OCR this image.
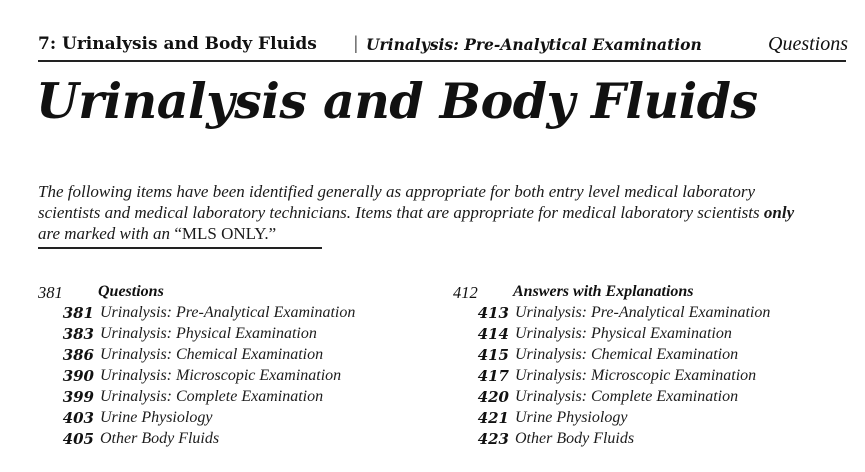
7: Urinalysis and Body Fluids | Urinalysis: Pre-Analytical Examination	Questions
Urinalysis and Body Fluids
The following items have been identified generally as appropriate for both entry level medical laboratory
scientists and medical laboratory technicians. Items that are appropriate for medical laboratory scientists only
are marked with an “MLS ONLY.”
381 Questions
381 Urinalysis: Pre-Analytical Examination
383 Urinalysis: Physical Examination
386 Urinalysis: Chemical Examination
390 Urinalysis: Microscopic Examination
399 Urinalysis: Complete Examination
403 Urine Physiology
405 Other Body Fluids
412 Answers with Explanations
413 Urinalysis: Pre-Analytical Examination
414 Urinalysis: Physical Examination
415 Urinalysis: Chemical Examination
417 Urinalysis: Microscopic Examination
420 Urinalysis: Complete Examination
421 Urine Physiology
423 Other Body Fluids
